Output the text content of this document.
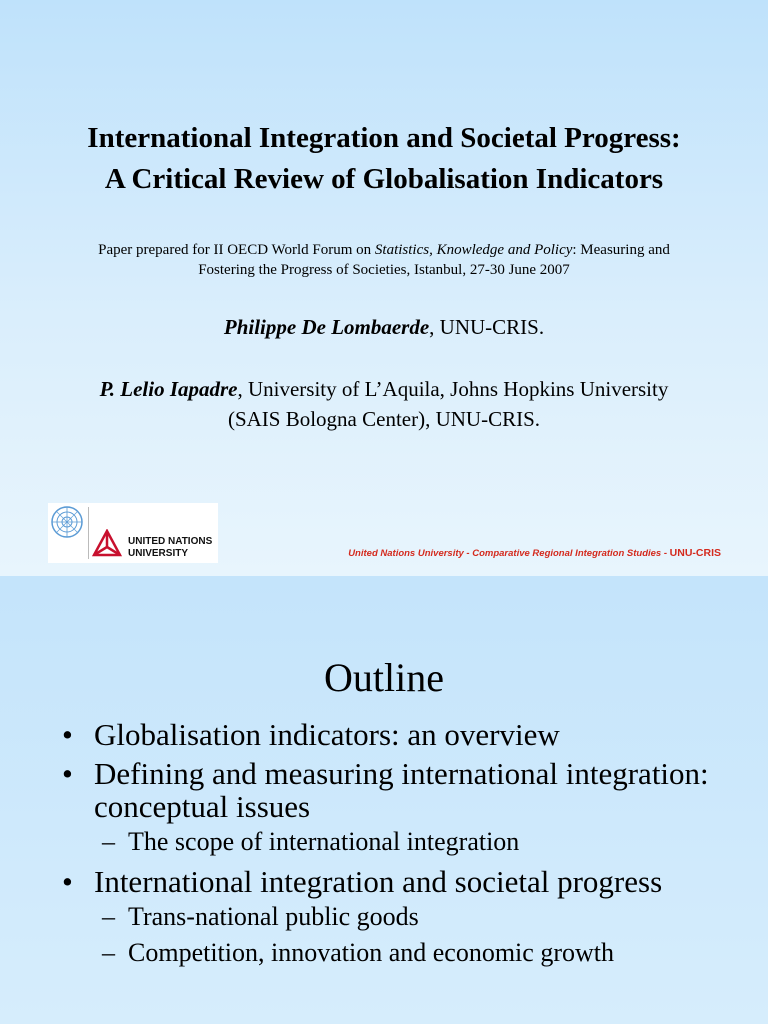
International Integration and Societal Progress:
A Critical Review of Globalisation Indicators
Paper prepared for II OECD World Forum on Statistics, Knowledge and Policy: Measuring and
Fostering the Progress of Societies, Istanbul, 27-30 June 2007
Philippe De Lombaerde, UNU-CRIS.
P. Lelio Iapadre, University of L’Aquila, Johns Hopkins University
(SAIS Bologna Center), UNU-CRIS.
UNITED NATIONS
UNIVERSITY	United Nations University - Comparative Regional Integration Studies - UNU-CRIS
Outline
• Globalisation indicators: an overview
• Defining and measuring international integration: conceptual issues
– The scope of international integration
• International integration and societal progress
– Trans-national public goods
– Competition, innovation and economic growth
